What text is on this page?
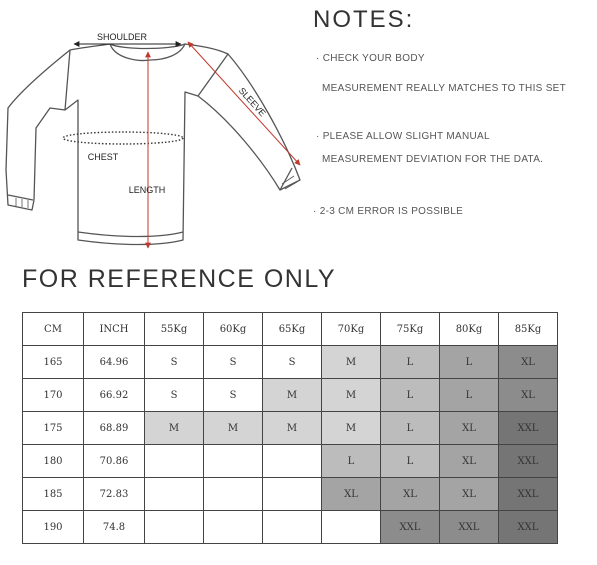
SHOULDER
SLEEVE
CHEST
LENGTH
NOTES:
· CHECK YOUR BODY
MEASUREMENT REALLY MATCHES TO THIS SET
· PLEASE ALLOW SLIGHT MANUAL
MEASUREMENT DEVIATION FOR THE DATA.
· 2-3 CM ERROR IS POSSIBLE
FOR REFERENCE ONLY
CM	INCH	55Kg	60Kg	65Kg	70Kg	75Kg	80Kg	85Kg
165	64.96	S	S	S	M	L	L	XL
170	66.92	S	S	M	M	L	L	XL
175	68.89	M	M	M	M	L	XL	XXL
180	70.86				L	L	XL	XXL
185	72.83				XL	XL	XL	XXL
190	74.8					XXL	XXL	XXL
